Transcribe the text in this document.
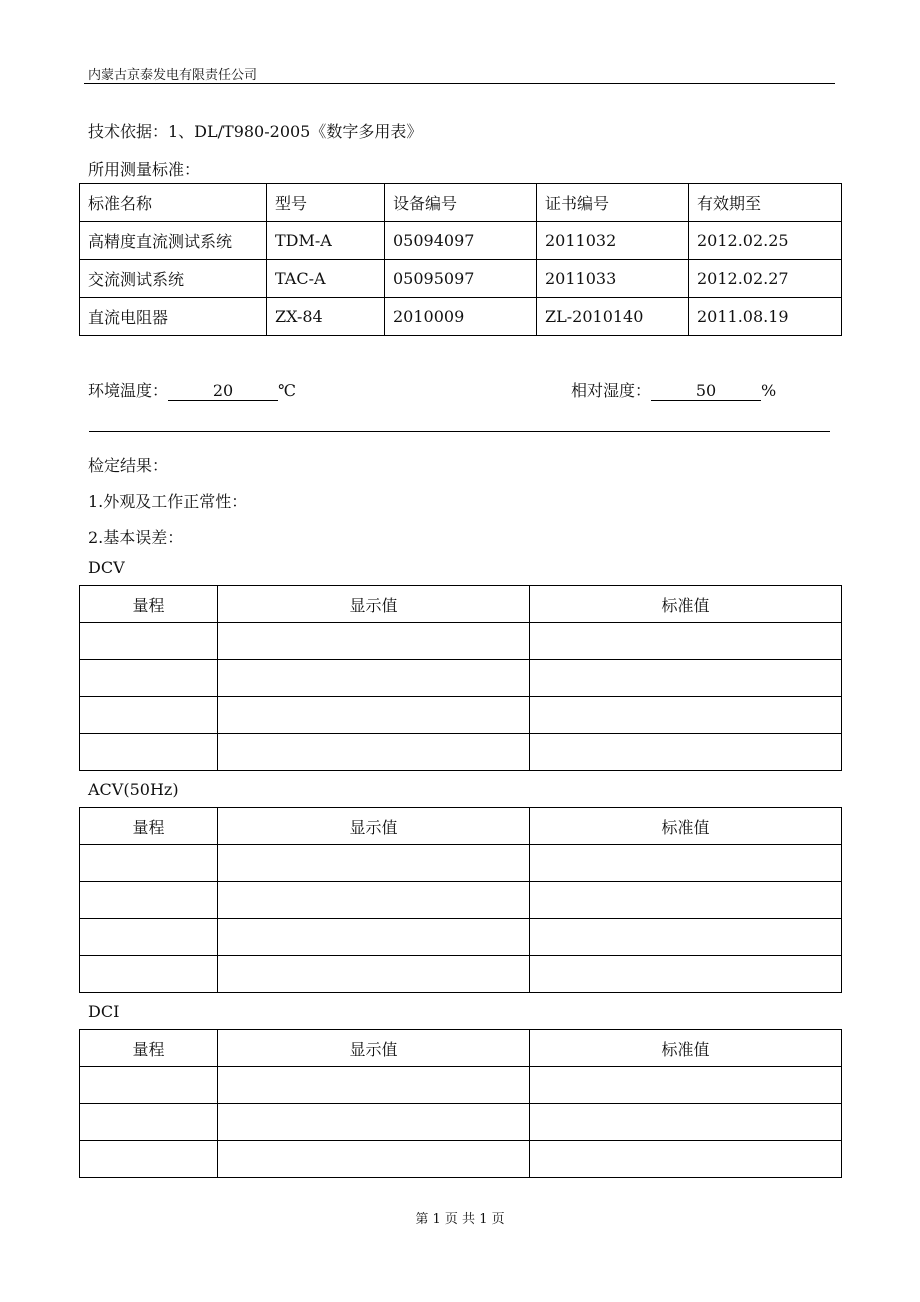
内蒙古京泰发电有限责任公司
技术依据：1、DL/T980-2005《数字多用表》
所用测量标准：
标准名称	型号	设备编号	证书编号	有效期至
高精度直流测试系统	TDM-A	05094097	2011032	2012.02.25
交流测试系统	TAC-A	05095097	2011033	2012.02.27
直流电阻器	ZX-84	2010009	ZL-2010140	2011.08.19
环境温度：	20	℃	相对湿度：	50	%
检定结果：
1.外观及工作正常性：
2.基本误差：
DCV
量程	显示值	标准值

ACV(50Hz)
量程	显示值	标准值

DCI
量程	显示值	标准值

第 1 页 共 1 页
